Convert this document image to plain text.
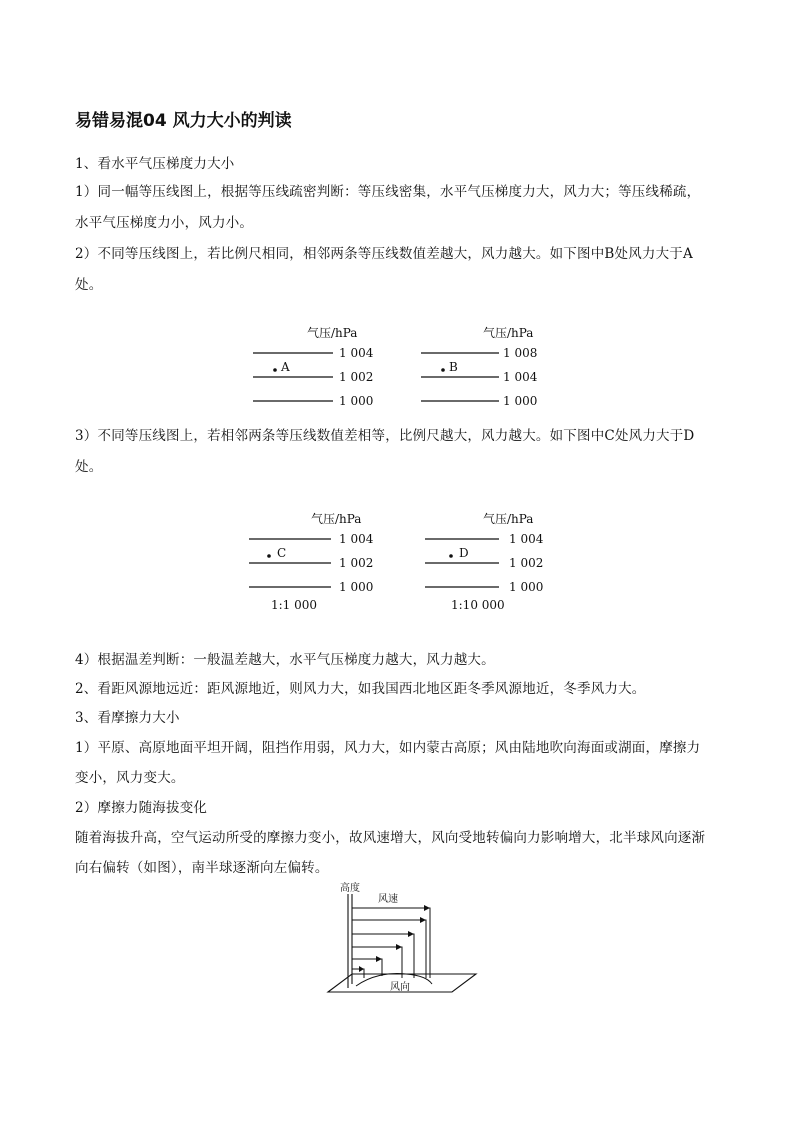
易错易混04 风力大小的判读
1、看水平气压梯度力大小
1）同一幅等压线图上，根据等压线疏密判断：等压线密集，水平气压梯度力大，风力大；等压线稀疏，
水平气压梯度力小，风力小。
2）不同等压线图上，若比例尺相同，相邻两条等压线数值差越大，风力越大。如下图中B处风力大于A
处。
气压/hPa
1 004
1 002
1 000
A
气压/hPa
1 008
1 004
1 000
B
3）不同等压线图上，若相邻两条等压线数值差相等，比例尺越大，风力越大。如下图中C处风力大于D
处。
气压/hPa
1 004
1 002
1 000
C
1:1 000
气压/hPa
1 004
1 002
1 000
D
1:10 000
4）根据温差判断：一般温差越大，水平气压梯度力越大，风力越大。
2、看距风源地远近：距风源地近，则风力大，如我国西北地区距冬季风源地近，冬季风力大。
3、看摩擦力大小
1）平原、高原地面平坦开阔，阻挡作用弱，风力大，如内蒙古高原；风由陆地吹向海面或湖面，摩擦力
变小，风力变大。
2）摩擦力随海拔变化
随着海拔升高，空气运动所受的摩擦力变小，故风速增大，风向受地转偏向力影响增大，北半球风向逐渐
向右偏转（如图），南半球逐渐向左偏转。
高度
风速
风向
